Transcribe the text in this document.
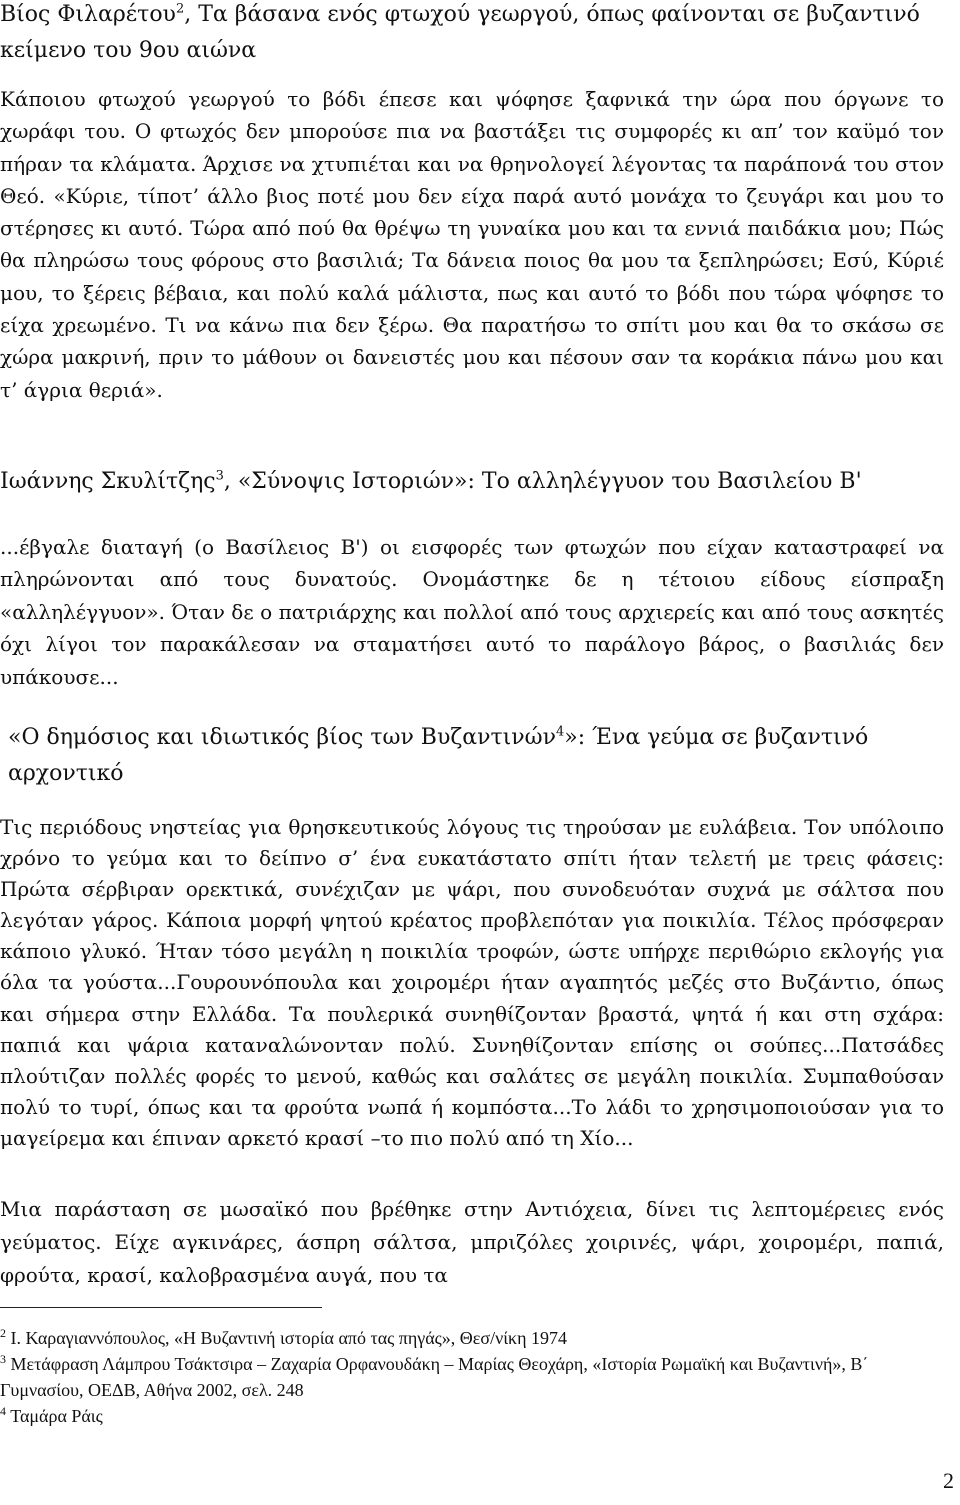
Βίος Φιλαρέτου$^2$, Τα βάσανα ενός φτωχού γεωργού, όπως φαίνονται σε βυζαντινό κείμενο του 9ου αιώνα

Κάποιου φτωχού γεωργού το βόδι έπεσε και ψόφησε ξαφνικά την ώρα που όργωνε το χωράφι του. Ο φτωχός δεν μπορούσε πια να βαστάξει τις συμφορές κι απ’ τον καϋμό τον πήραν τα κλάματα. Άρχισε να χτυπιέται και να θρηνολογεί λέγοντας τα παράπονά του στον Θεό. «Κύριε, τίποτ’ άλλο βιος ποτέ μου δεν είχα παρά αυτό μονάχα το ζευγάρι και μου το στέρησες κι αυτό. Τώρα από πού θα θρέψω τη γυναίκα μου και τα εννιά παιδάκια μου; Πώς θα πληρώσω τους φόρους στο βασιλιά; Τα δάνεια ποιος θα μου τα ξεπληρώσει; Εσύ, Κύριέ μου, το ξέρεις βέβαια, και πολύ καλά μάλιστα, πως και αυτό το βόδι που τώρα ψόφησε το είχα χρεωμένο. Τι να κάνω πια δεν ξέρω. Θα παρατήσω το σπίτι μου και θα το σκάσω σε χώρα μακρινή, πριν το μάθουν οι δανειστές μου και πέσουν σαν τα κοράκια πάνω μου και τ’ άγρια θεριά».

Ιωάννης Σκυλίτζης$^3$, «Σύνοψις Ιστοριών»: Το αλληλέγγυον του Βασιλείου Β'

...έβγαλε διαταγή (ο Βασίλειος Β') οι εισφορές των φτωχών που είχαν καταστραφεί να πληρώνονται από τους δυνατούς. Ονομάστηκε δε η τέτοιου είδους είσπραξη «αλληλέγγυον». Όταν δε ο πατριάρχης και πολλοί από τους αρχιερείς και από τους ασκητές όχι λίγοι τον παρακάλεσαν να σταματήσει αυτό το παράλογο βάρος, ο βασιλιάς δεν υπάκουσε...

«Ο δημόσιος και ιδιωτικός βίος των Βυζαντινών$^4$»: Ένα γεύμα σε βυζαντινό αρχοντικό

Τις περιόδους νηστείας για θρησκευτικούς λόγους τις τηρούσαν με ευλάβεια. Τον υπόλοιπο χρόνο το γεύμα και το δείπνο σ’ ένα ευκατάστατο σπίτι ήταν τελετή με τρεις φάσεις: Πρώτα σέρβιραν ορεκτικά, συνέχιζαν με ψάρι, που συνοδευόταν συχνά με σάλτσα που λεγόταν γάρος. Κάποια μορφή ψητού κρέατος προβλεπόταν για ποικιλία. Τέλος πρόσφεραν κάποιο γλυκό. Ήταν τόσο μεγάλη η ποικιλία τροφών, ώστε υπήρχε περιθώριο εκλογής για όλα τα γούστα...Γουρουνόπουλα και χοιρομέρι ήταν αγαπητός μεζές στο Βυζάντιο, όπως και σήμερα στην Ελλάδα. Τα πουλερικά συνηθίζονταν βραστά, ψητά ή και στη σχάρα: παπιά και ψάρια καταναλώνονταν πολύ. Συνηθίζονταν επίσης οι σούπες...Πατσάδες πλούτιζαν πολλές φορές το μενού, καθώς και σαλάτες σε μεγάλη ποικιλία. Συμπαθούσαν πολύ το τυρί, όπως και τα φρούτα νωπά ή κομπόστα...Το λάδι το χρησιμοποιούσαν για το μαγείρεμα και έπιναν αρκετό κρασί –το πιο πολύ από τη Χίο...

Μια παράσταση σε μωσαϊκό που βρέθηκε στην Αντιόχεια, δίνει τις λεπτομέρειες ενός γεύματος. Είχε αγκινάρες, άσπρη σάλτσα, μπριζόλες χοιρινές, ψάρι, χοιρομέρι, παπιά, φρούτα, κρασί, καλοβρασμένα αυγά, που τα

$^2$ Ι. Καραγιαννόπουλος, «Η Βυζαντινή ιστορία από τας πηγάς», Θεσ/νίκη 1974

$^3$ Μετάφραση Λάμπρου Τσάκτσιρα – Ζαχαρία Ορφανουδάκη – Μαρίας Θεοχάρη, «Ιστορία Ρωμαϊκή και Βυζαντινή», Β΄ Γυμνασίου, ΟΕΔΒ, Αθήνα 2002, σελ. 248

$^4$ Ταμάρα Ράις

2
